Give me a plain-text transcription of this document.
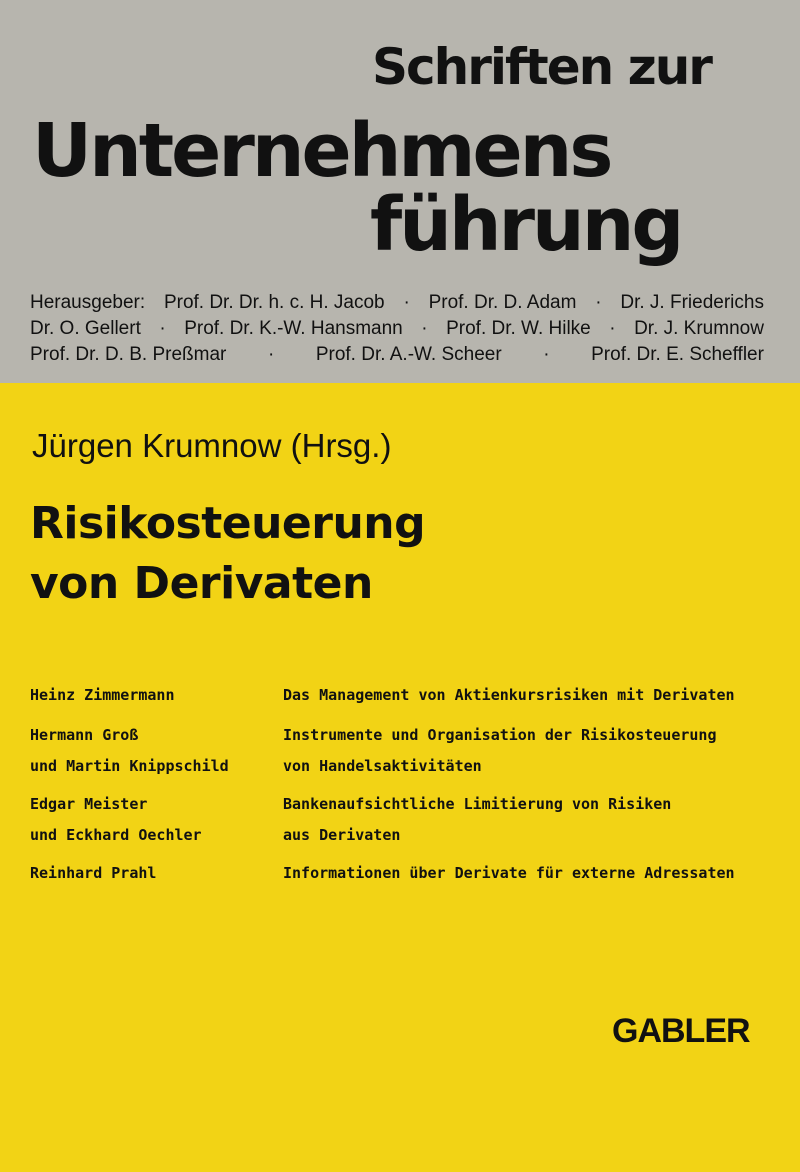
Schriften zur
Unternehmens
führung
Herausgeber: Prof. Dr. Dr. h. c. H. Jacob · Prof. Dr. D. Adam · Dr. J. Friederichs
Dr. O. Gellert · Prof. Dr. K.-W. Hansmann · Prof. Dr. W. Hilke · Dr. J. Krumnow
Prof. Dr. D. B. Preßmar · Prof. Dr. A.-W. Scheer · Prof. Dr. E. Scheffler
Jürgen Krumnow (Hrsg.)
Risikosteuerung
von Derivaten
Heinz Zimmermann	Das Management von Aktienkursrisiken mit Derivaten
Hermann Groß
und Martin Knippschild
Instrumente und Organisation der Risikosteuerung
von Handelsaktivitäten
Edgar Meister
und Eckhard Oechler
Bankenaufsichtliche Limitierung von Risiken
aus Derivaten
Reinhard Prahl	Informationen über Derivate für externe Adressaten
GABLER
